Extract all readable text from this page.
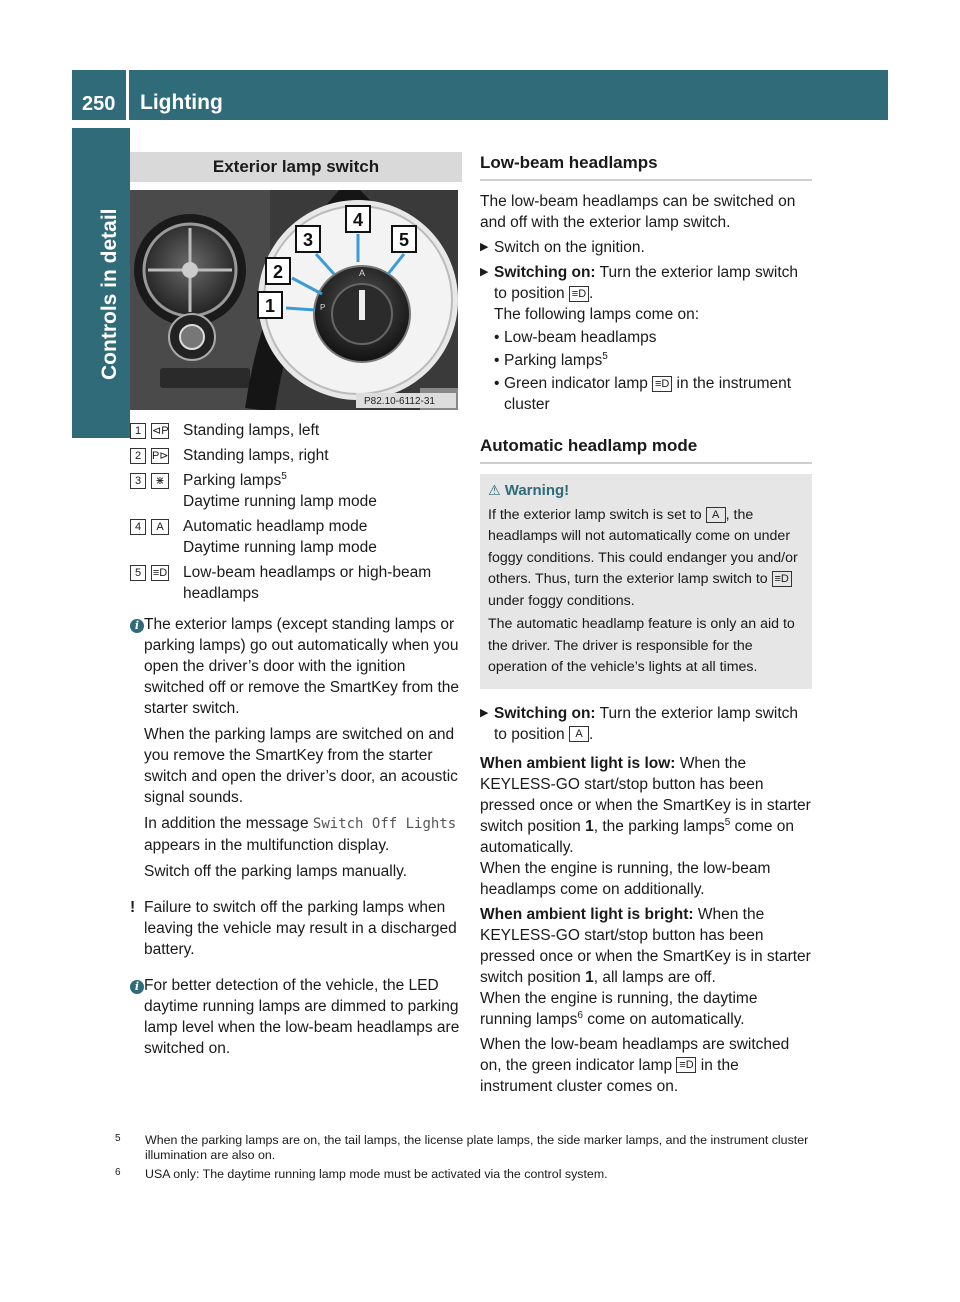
250 Lighting
Controls in detail
Exterior lamp switch
A
P
1
2
3
4
5
P82.10-6112-31
1 ⊲P Standing lamps, left
2 P⊳ Standing lamps, right
3	⋇ Parking lamps$^5$
Daytime running lamp mode
4	A	Automatic headlamp mode
Daytime running lamp mode
5	≡D Low-beam headlamps or high-beam
headlamps
i The exterior lamps (except standing lamps or parking lamps) go out automatically when you open the driver’s door with the ignition switched off or remove the SmartKey from the starter switch.

When the parking lamps are switched on and you remove the SmartKey from the starter switch and open the driver’s door, an acoustic signal sounds.

In addition the message Switch Off Lights appears in the multifunction display.

Switch off the parking lamps manually.

! Failure to switch off the parking lamps when leaving the vehicle may result in a discharged battery.

i For better detection of the vehicle, the LED daytime running lamps are dimmed to parking lamp level when the low-beam headlamps are switched on.

Low-beam headlamps

The low-beam headlamps can be switched on and off with the exterior lamp switch.

▶ Switch on the ignition.
▶ Switching on: Turn the exterior lamp switch to position ≡D .
The following lamps come on:
• Low-beam headlamps
• Parking lamps$^5$
• Green indicator lamp ≡D in the instrument cluster
Automatic headlamp mode
⚠ Warning!

If the exterior lamp switch is set to A , the headlamps will not automatically come on under foggy conditions. This could endanger you and/or others. Thus, turn the exterior lamp switch to ≡D under foggy conditions.

The automatic headlamp feature is only an aid to the driver. The driver is responsible for the operation of the vehicle’s lights at all times.

▶ Switching on: Turn the exterior lamp switch to position A .

When ambient light is low: When the KEYLESS-GO start/stop button has been pressed once or when the SmartKey is in starter switch position 1, the parking lamps$^5$ come on automatically.
When the engine is running, the low-beam headlamps come on additionally.

When ambient light is bright: When the KEYLESS-GO start/stop button has been pressed once or when the SmartKey is in starter switch position 1, all lamps are off.
When the engine is running, the daytime running lamps$^6$ come on automatically.

When the low-beam headlamps are switched on, the green indicator lamp ≡D in the instrument cluster comes on.

5 When the parking lamps are on, the tail lamps, the license plate lamps, the side marker lamps, and the instrument cluster illumination are also on.
6 USA only: The daytime running lamp mode must be activated via the control system.
